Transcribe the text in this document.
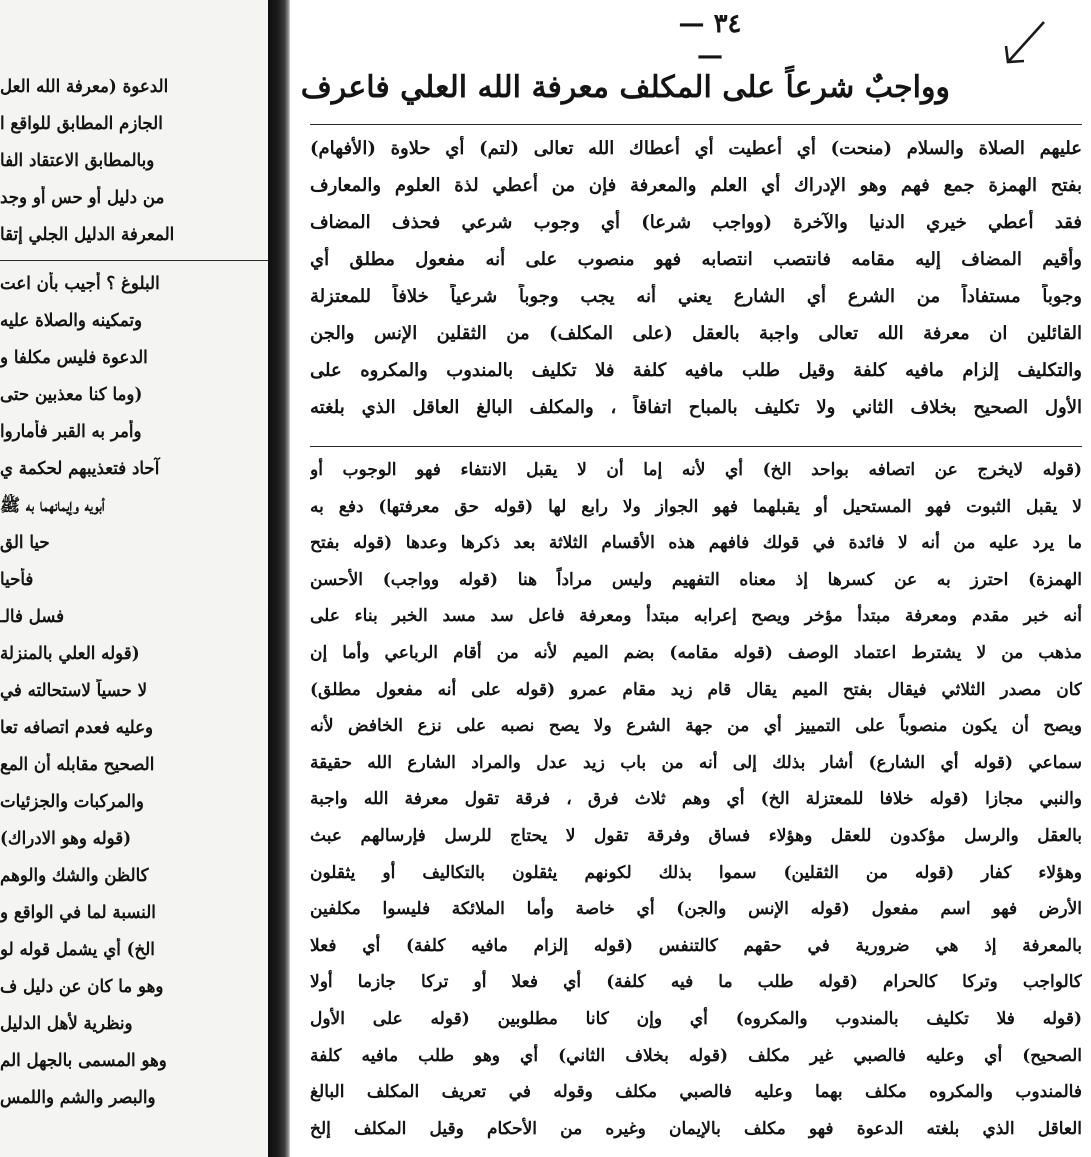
الدعوة (معرفة الله العل
الجازم المطابق للواقع ا
وبالمطابق الاعتقاد الفا
من دليل أو حس أو وجد
المعرفة الدليل الجلي إتقا
البلوغ ؟ أجيب بأن اعت
وتمكينه والصلاة عليه
الدعوة فليس مكلفا و
(وما كنا معذبين حتى
وأمر به القبر فأماروا
آحاد فتعذيبهم لحكمة ي
أبويه وإيمانهما به ﷺ
حيا الق
فأحيا
فسل فالـ
(قوله العلي بالمنزلة
لا حسياً لاستحالته في
وعليه فعدم اتصافه تعا
الصحيح مقابله أن المع
والمركبات والجزئيات
(قوله وهو الادراك)
كالظن والشك والوهم
النسبة لما في الواقع و
الخ) أي يشمل قوله لو
وهو ما كان عن دليل ف
ونظرية لأهل الدليل
وهو المسمى بالجهل الم
والبصر والشم واللمس
— ٣٤ —
وواجبٌ شرعاً على المكلف معرفة الله العلي فاعرف
عليهم الصلاة والسلام (منحت) أي أعطيت أي أعطاك الله تعالى (لتم) أي حلاوة (الأفهام)
بفتح الهمزة جمع فهم وهو الإدراك أي العلم والمعرفة فإن من أعطي لذة العلوم والمعارف
فقد أعطي خيري الدنيا والآخرة (وواجب شرعا) أي وجوب شرعي فحذف المضاف
وأقيم المضاف إليه مقامه فانتصب انتصابه فهو منصوب على أنه مفعول مطلق أي
وجوباً مستفاداً من الشرع أي الشارع يعني أنه يجب وجوباً شرعياً خلافاً للمعتزلة
القائلين ان معرفة الله تعالى واجبة بالعقل (على المكلف) من الثقلين الإنس والجن
والتكليف إلزام مافيه كلفة وقيل طلب مافيه كلفة فلا تكليف بالمندوب والمكروه على
الأول الصحيح بخلاف الثاني ولا تكليف بالمباح اتفاقاً ، والمكلف البالغ العاقل الذي بلغته
(قوله لايخرج عن اتصافه بواحد الخ) أي لأنه إما أن لا يقبل الانتفاء فهو الوجوب أو
لا يقبل الثبوت فهو المستحيل أو يقبلهما فهو الجواز ولا رابع لها (قوله حق معرفتها) دفع به
ما يرد عليه من أنه لا فائدة في قولك فافهم هذه الأقسام الثلاثة بعد ذكرها وعدها (قوله بفتح
الهمزة) احترز به عن كسرها إذ معناه التفهيم وليس مراداً هنا (قوله وواجب) الأحسن
أنه خبر مقدم ومعرفة مبتدأ مؤخر ويصح إعرابه مبتدأ ومعرفة فاعل سد مسد الخبر بناء على
مذهب من لا يشترط اعتماد الوصف (قوله مقامه) بضم الميم لأنه من أقام الرباعي وأما إن
كان مصدر الثلاثي فيقال بفتح الميم يقال قام زيد مقام عمرو (قوله على أنه مفعول مطلق)
ويصح أن يكون منصوباً على التمييز أي من جهة الشرع ولا يصح نصبه على نزع الخافض لأنه
سماعي (قوله أي الشارع) أشار بذلك إلى أنه من باب زيد عدل والمراد الشارع الله حقيقة
والنبي مجازا (قوله خلافا للمعتزلة الخ) أي وهم ثلاث فرق ، فرقة تقول معرفة الله واجبة
بالعقل والرسل مؤكدون للعقل وهؤلاء فساق وفرقة تقول لا يحتاج للرسل فإرسالهم عبث
وهؤلاء كفار (قوله من الثقلين) سموا بذلك لكونهم يثقلون بالتكاليف أو يثقلون
الأرض فهو اسم مفعول (قوله الإنس والجن) أي خاصة وأما الملائكة فليسوا مكلفين
بالمعرفة إذ هي ضرورية في حقهم كالتنفس (قوله إلزام مافيه كلفة) أي فعلا
كالواجب وتركا كالحرام (قوله طلب ما فيه كلفة) أي فعلا أو تركا جازما أولا
(قوله فلا تكليف بالمندوب والمكروه) أي وإن كانا مطلوبين (قوله على الأول
الصحيح) أي وعليه فالصبي غير مكلف (قوله بخلاف الثاني) أي وهو طلب مافيه كلفة
فالمندوب والمكروه مكلف بهما وعليه فالصبي مكلف وقوله في تعريف المكلف البالغ
العاقل الذي بلغته الدعوة فهو مكلف بالإيمان وغيره من الأحكام وقيل المكلف إلخ
